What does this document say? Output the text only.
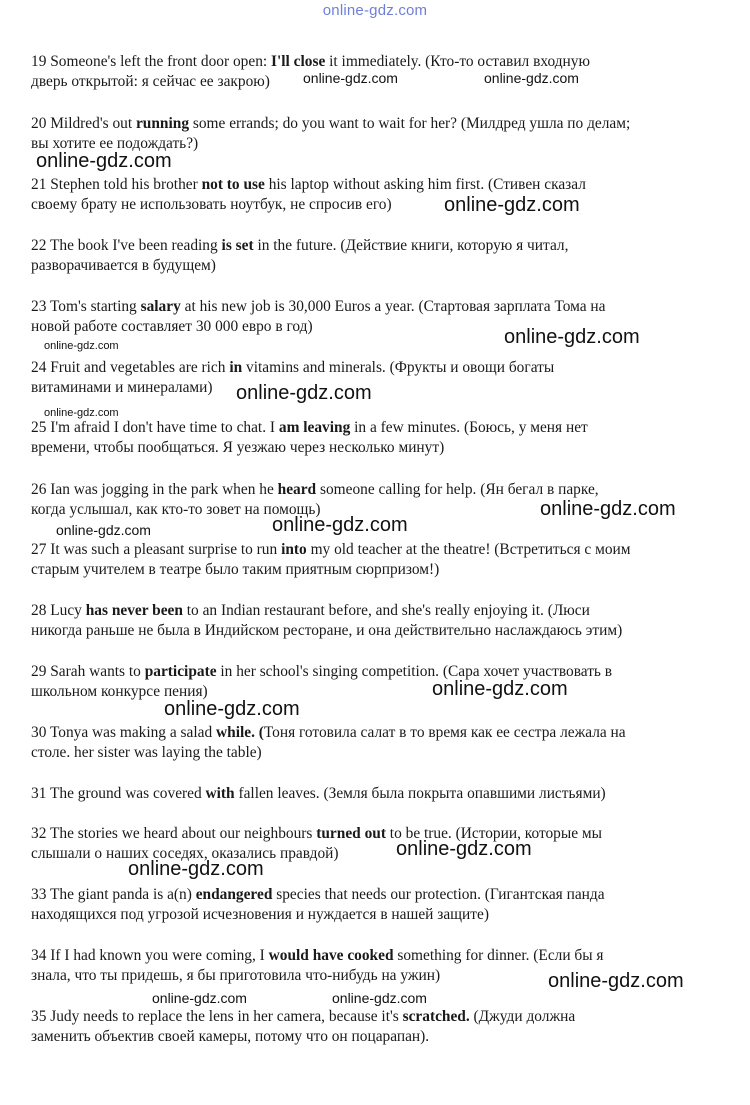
online-gdz.com
19 Someone's left the front door open: I'll close it immediately. (Кто-то оставил входную
дверь открытой: я сейчас ее закрою)
20 Mildred's out running some errands; do you want to wait for her? (Милдред ушла по делам;
вы хотите ее подождать?)
21 Stephen told his brother not to use his laptop without asking him first. (Стивен сказал
своему брату не использовать ноутбук, не спросив его)
22 The book I've been reading is set in the future. (Действие книги, которую я читал,
разворачивается в будущем)
23 Tom's starting salary at his new job is 30,000 Euros a year. (Стартовая зарплата Тома на
новой работе составляет 30 000 евро в год)
24 Fruit and vegetables are rich in vitamins and minerals. (Фрукты и овощи богаты
витаминами и минералами)
25 I'm afraid I don't have time to chat. I am leaving in a few minutes. (Боюсь, у меня нет
времени, чтобы пообщаться. Я уезжаю через несколько минут)
26 Ian was jogging in the park when he heard someone calling for help. (Ян бегал в парке,
когда услышал, как кто-то зовет на помощь)
27 It was such a pleasant surprise to run into my old teacher at the theatre! (Встретиться с моим
старым учителем в театре было таким приятным сюрпризом!)
28 Lucy has never been to an Indian restaurant before, and she's really enjoying it. (Люси
никогда раньше не была в Индийском ресторане, и она действительно наслаждаюсь этим)
29 Sarah wants to participate in her school's singing competition. (Сара хочет участвовать в
школьном конкурсе пения)
30 Tonya was making a salad while. (Тоня готовила салат в то время как ее сестра лежала на
столе. her sister was laying the table)
31 The ground was covered with fallen leaves. (Земля была покрыта опавшими листьями)

32 The stories we heard about our neighbours turned out to be true. (Истории, которые мы
слышали о наших соседях, оказались правдой)
33 The giant panda is a(n) endangered species that needs our protection. (Гигантская панда
находящихся под угрозой исчезновения и нуждается в нашей защите)
34 If I had known you were coming, I would have cooked something for dinner. (Если бы я
знала, что ты придешь, я бы приготовила что-нибудь на ужин)
35 Judy needs to replace the lens in her camera, because it's scratched. (Джуди должна
заменить объектив своей камеры, потому что он поцарапан).
online-gdz.com	online-gdz.com
online-gdz.com
online-gdz.com
online-gdz.com
online-gdz.com
online-gdz.com
online-gdz.com
online-gdz.com	online-gdz.com
online-gdz.com
online-gdz.com
online-gdz.com
online-gdz.com
online-gdz.com
online-gdz.com
online-gdz.com	online-gdz.com
